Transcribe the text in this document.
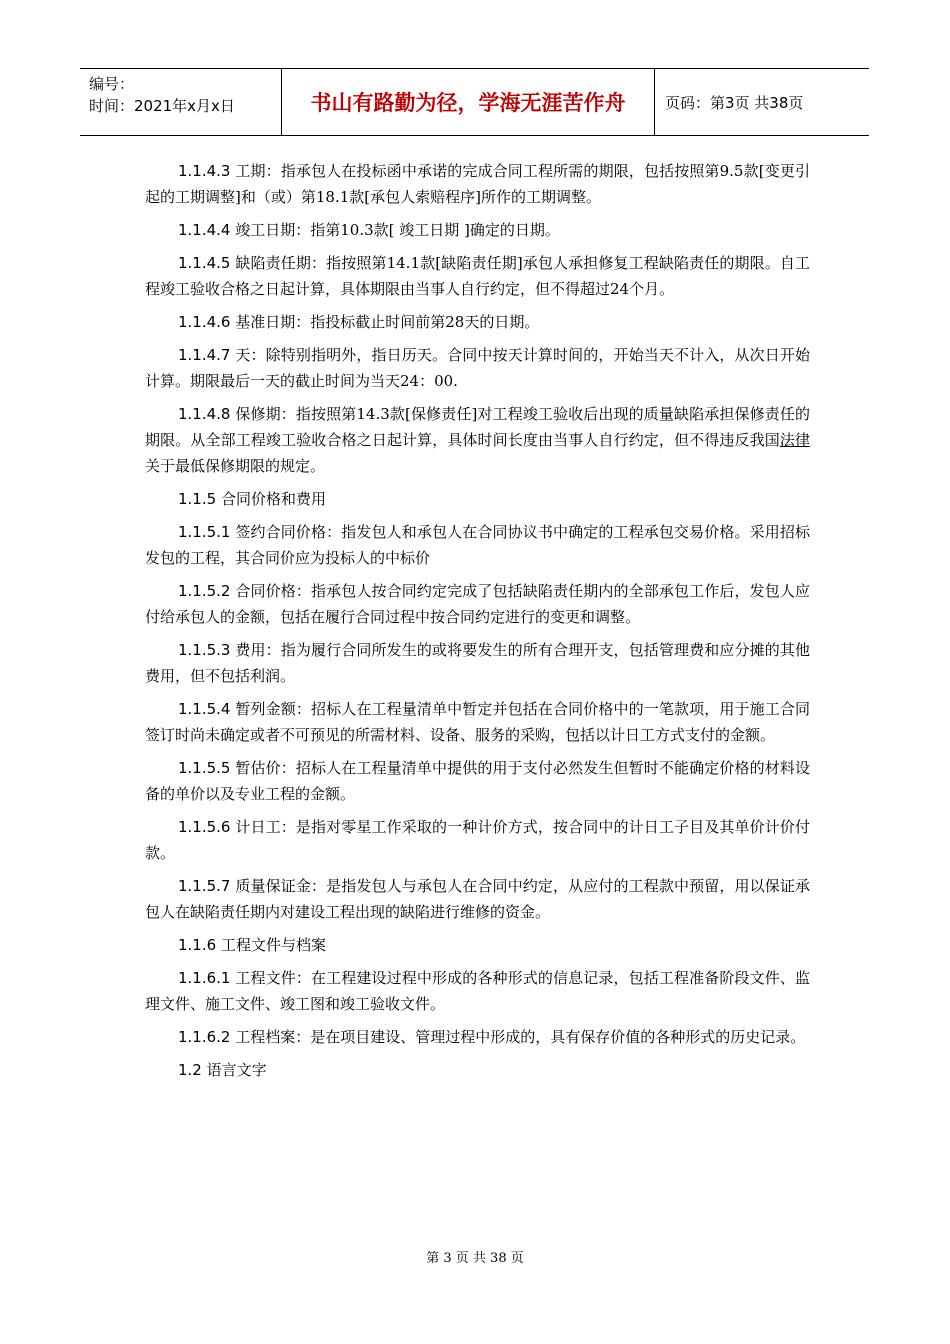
编号：
时间：2021年x月x日	书山有路勤为径，学海无涯苦作舟	页码：第3页 共38页

1.1.4.3 工期：指承包人在投标函中承诺的完成合同工程所需的期限，包括按照第9.5款[变更引起的工期调整]和（或）第18.1款[承包人索赔程序]所作的工期调整。

1.1.4.4 竣工日期：指第10.3款[ 竣工日期 ]确定的日期。

1.1.4.5 缺陷责任期：指按照第14.1款[缺陷责任期]承包人承担修复工程缺陷责任的期限。自工程竣工验收合格之日起计算，具体期限由当事人自行约定，但不得超过24个月。

1.1.4.6 基准日期：指投标截止时间前第28天的日期。

1.1.4.7 天：除特别指明外，指日历天。合同中按天计算时间的，开始当天不计入，从次日开始计算。期限最后一天的截止时间为当天24：00.

1.1.4.8 保修期：指按照第14.3款[保修责任]对工程竣工验收后出现的质量缺陷承担保修责任的期限。从全部工程竣工验收合格之日起计算，具体时间长度由当事人自行约定，但不得违反我国法律关于最低保修期限的规定。

1.1.5 合同价格和费用

1.1.5.1 签约合同价格：指发包人和承包人在合同协议书中确定的工程承包交易价格。采用招标发包的工程，其合同价应为投标人的中标价

1.1.5.2 合同价格：指承包人按合同约定完成了包括缺陷责任期内的全部承包工作后，发包人应付给承包人的金额，包括在履行合同过程中按合同约定进行的变更和调整。

1.1.5.3 费用：指为履行合同所发生的或将要发生的所有合理开支，包括管理费和应分摊的其他费用，但不包括利润。

1.1.5.4 暂列金额：招标人在工程量清单中暂定并包括在合同价格中的一笔款项，用于施工合同签订时尚未确定或者不可预见的所需材料、设备、服务的采购，包括以计日工方式支付的金额。

1.1.5.5 暂估价：招标人在工程量清单中提供的用于支付必然发生但暂时不能确定价格的材料设备的单价以及专业工程的金额。

1.1.5.6 计日工：是指对零星工作采取的一种计价方式，按合同中的计日工子目及其单价计价付款。

1.1.5.7 质量保证金：是指发包人与承包人在合同中约定，从应付的工程款中预留，用以保证承包人在缺陷责任期内对建设工程出现的缺陷进行维修的资金。

1.1.6 工程文件与档案

1.1.6.1 工程文件：在工程建设过程中形成的各种形式的信息记录，包括工程准备阶段文件、监理文件、施工文件、竣工图和竣工验收文件。

1.1.6.2 工程档案：是在项目建设、管理过程中形成的，具有保存价值的各种形式的历史记录。

1.2 语言文字

第 3 页 共 38 页
